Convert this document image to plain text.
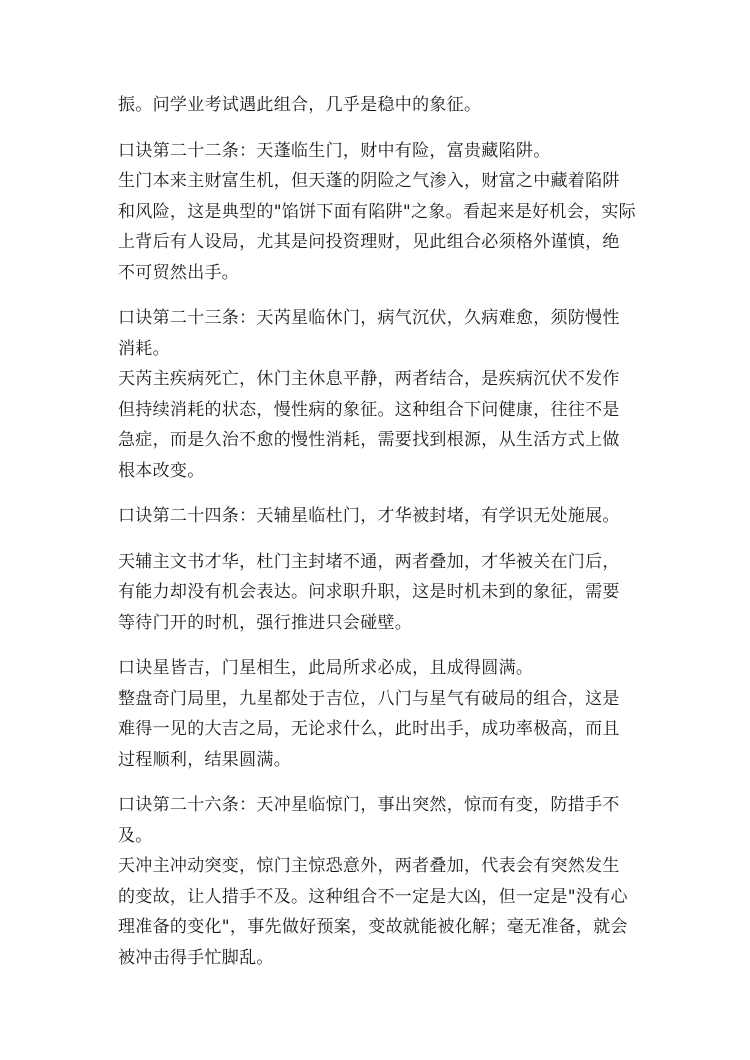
振。问学业考试遇此组合，几乎是稳中的象征。

口诀第二十二条：天蓬临生门，财中有险，富贵藏陷阱。
生门本来主财富生机，但天蓬的阴险之气渗入，财富之中藏着陷阱
和风险，这是典型的"馅饼下面有陷阱"之象。看起来是好机会，实际
上背后有人设局，尤其是问投资理财，见此组合必须格外谨慎，绝
不可贸然出手。

口诀第二十三条：天芮星临休门，病气沉伏，久病难愈，须防慢性
消耗。
天芮主疾病死亡，休门主休息平静，两者结合，是疾病沉伏不发作
但持续消耗的状态，慢性病的象征。这种组合下问健康，往往不是
急症，而是久治不愈的慢性消耗，需要找到根源，从生活方式上做
根本改变。

口诀第二十四条：天辅星临杜门，才华被封堵，有学识无处施展。

天辅主文书才华，杜门主封堵不通，两者叠加，才华被关在门后，
有能力却没有机会表达。问求职升职，这是时机未到的象征，需要
等待门开的时机，强行推进只会碰壁。

口诀星皆吉，门星相生，此局所求必成，且成得圆满。
整盘奇门局里，九星都处于吉位，八门与星气有破局的组合，这是
难得一见的大吉之局，无论求什么，此时出手，成功率极高，而且
过程顺利，结果圆满。

口诀第二十六条：天冲星临惊门，事出突然，惊而有变，防措手不
及。
天冲主冲动突变，惊门主惊恐意外，两者叠加，代表会有突然发生
的变故，让人措手不及。这种组合不一定是大凶，但一定是"没有心
理准备的变化"，事先做好预案，变故就能被化解；毫无准备，就会
被冲击得手忙脚乱。
